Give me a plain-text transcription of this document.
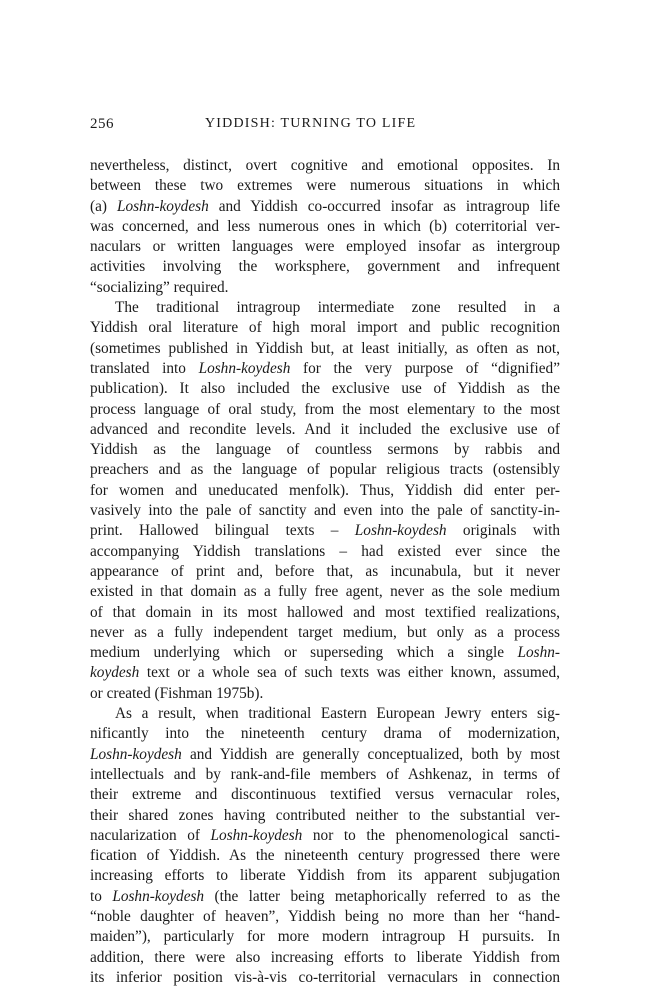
256	YIDDISH: TURNING TO LIFE
nevertheless, distinct, overt cognitive and emotional opposites. In
between these two extremes were numerous situations in which
(a) Loshn-koydesh and Yiddish co-occurred insofar as intragroup life
was concerned, and less numerous ones in which (b) coterritorial ver-
naculars or written languages were employed insofar as intergroup
activities involving the worksphere, government and infrequent
“socializing” required.
The traditional intragroup intermediate zone resulted in a
Yiddish oral literature of high moral import and public recognition
(sometimes published in Yiddish but, at least initially, as often as not,
translated into Loshn-koydesh for the very purpose of “dignified”
publication). It also included the exclusive use of Yiddish as the
process language of oral study, from the most elementary to the most
advanced and recondite levels. And it included the exclusive use of
Yiddish as the language of countless sermons by rabbis and
preachers and as the language of popular religious tracts (ostensibly
for women and uneducated menfolk). Thus, Yiddish did enter per-
vasively into the pale of sanctity and even into the pale of sanctity-in-
print. Hallowed bilingual texts – Loshn-koydesh originals with
accompanying Yiddish translations – had existed ever since the
appearance of print and, before that, as incunabula, but it never
existed in that domain as a fully free agent, never as the sole medium
of that domain in its most hallowed and most textified realizations,
never as a fully independent target medium, but only as a process
medium underlying which or superseding which a single Loshn-
koydesh text or a whole sea of such texts was either known, assumed,
or created (Fishman 1975b).
As a result, when traditional Eastern European Jewry enters sig-
nificantly into the nineteenth century drama of modernization,
Loshn-koydesh and Yiddish are generally conceptualized, both by most
intellectuals and by rank-and-file members of Ashkenaz, in terms of
their extreme and discontinuous textified versus vernacular roles,
their shared zones having contributed neither to the substantial ver-
nacularization of Loshn-koydesh nor to the phenomenological sancti-
fication of Yiddish. As the nineteenth century progressed there were
increasing efforts to liberate Yiddish from its apparent subjugation
to Loshn-koydesh (the latter being metaphorically referred to as the
“noble daughter of heaven”, Yiddish being no more than her “hand-
maiden”), particularly for more modern intragroup H pursuits. In
addition, there were also increasing efforts to liberate Yiddish from
its inferior position vis-à-vis co-territorial vernaculars in connection
